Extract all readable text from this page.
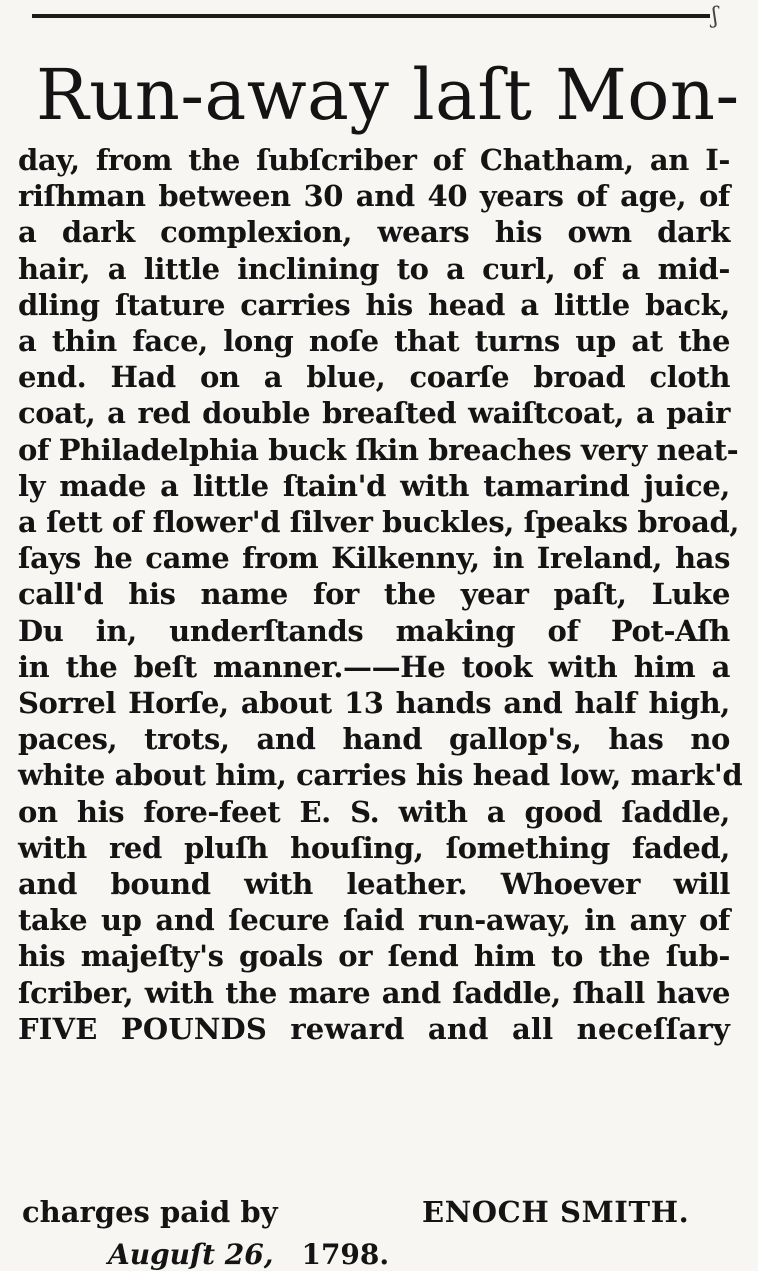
ʃ
Run-away laſt Mon-
day, from the ſubſcriber of Chatham, an I-
riſhman between 30 and 40 years of age, of
a dark complexion, wears his own dark
hair, a little inclining to a curl, of a mid-
dling ſtature carries his head a little back,
a thin face, long noſe that turns up at the
end. Had on a blue, coarſe broad cloth
coat, a red double breaſted waiſtcoat, a pair
of Philadelphia buck ſkin breaches very neat-
ly made a little ſtain'd with tamarind juice,
a ſett of flower'd ſilver buckles, ſpeaks broad,
ſays he came from Kilkenny, in Ireland, has
call'd his name for the year paſt, Luke
Du in, underſtands making of Pot-Aſh
in the beſt manner.——He took with him a
Sorrel Horſe, about 13 hands and half high,
paces, trots, and hand gallop's, has no
white about him, carries his head low, mark'd
on his fore-feet E. S. with a good ſaddle,
with red pluſh houſing, ſomething faded,
and bound with leather. Whoever will
take up and ſecure ſaid run-away, in any of
his majeſty's goals or ſend him to the ſub-
ſcriber, with the mare and ſaddle, ſhall have
FIVE POUNDS reward and all neceſſary
charges paid by	ENOCH SMITH.
Auguſt 26, 1798.
